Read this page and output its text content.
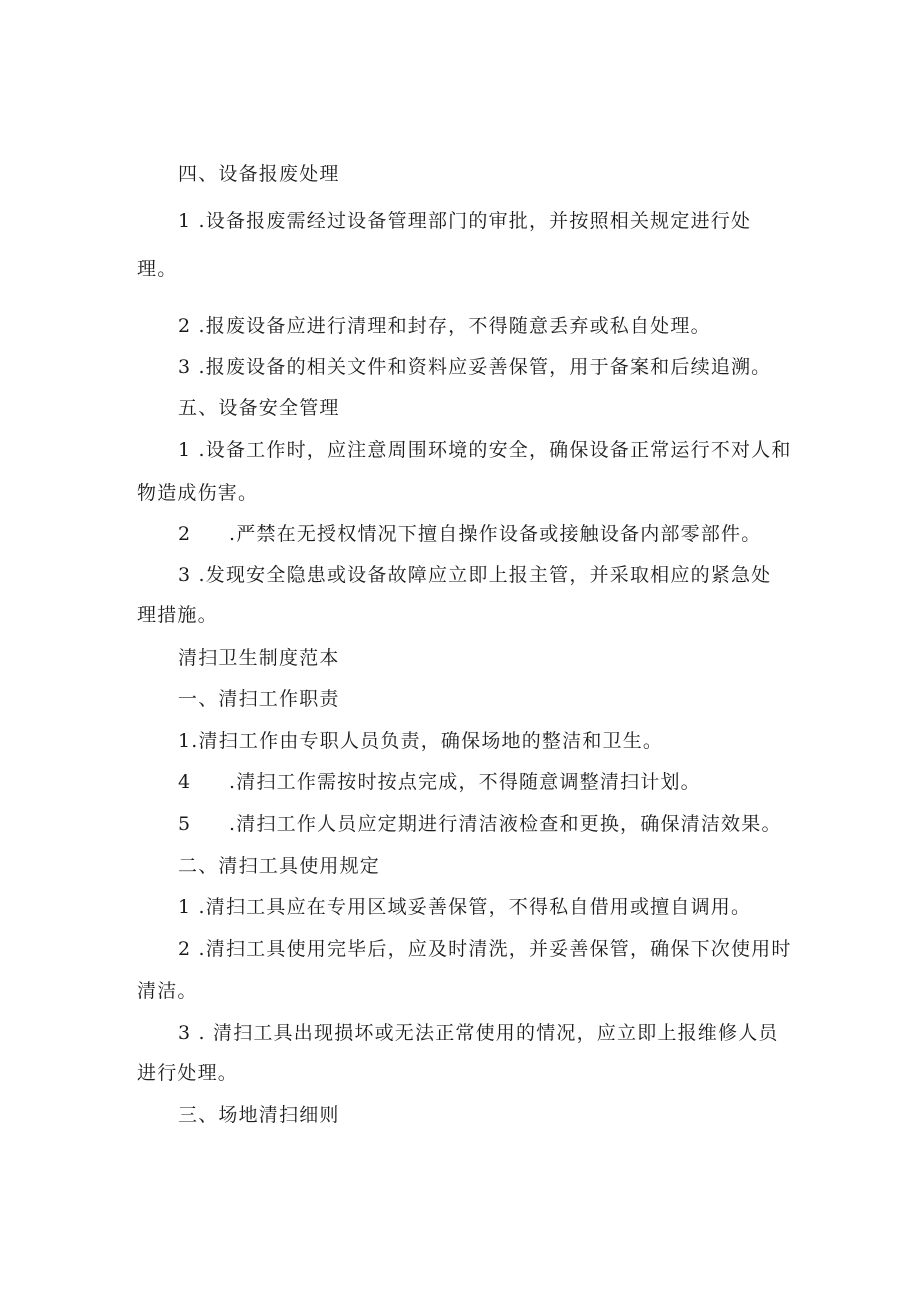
四、设备报废处理
1 .设备报废需经过设备管理部门的审批，并按照相关规定进行处
理。
2 .报废设备应进行清理和封存，不得随意丢弃或私自处理。
3 .报废设备的相关文件和资料应妥善保管，用于备案和后续追溯。
五、设备安全管理
1 .设备工作时，应注意周围环境的安全，确保设备正常运行不对人和
物造成伤害。
2 .严禁在无授权情况下擅自操作设备或接触设备内部零部件。
3 .发现安全隐患或设备故障应立即上报主管，并采取相应的紧急处
理措施。
清扫卫生制度范本
一、清扫工作职责
1.清扫工作由专职人员负责，确保场地的整洁和卫生。
4 .清扫工作需按时按点完成，不得随意调整清扫计划。
5 .清扫工作人员应定期进行清洁液检查和更换，确保清洁效果。
二、清扫工具使用规定
1 .清扫工具应在专用区域妥善保管，不得私自借用或擅自调用。
2 .清扫工具使用完毕后，应及时清洗，并妥善保管，确保下次使用时
清洁。
3 . 清扫工具出现损坏或无法正常使用的情况，应立即上报维修人员
进行处理。
三、场地清扫细则
